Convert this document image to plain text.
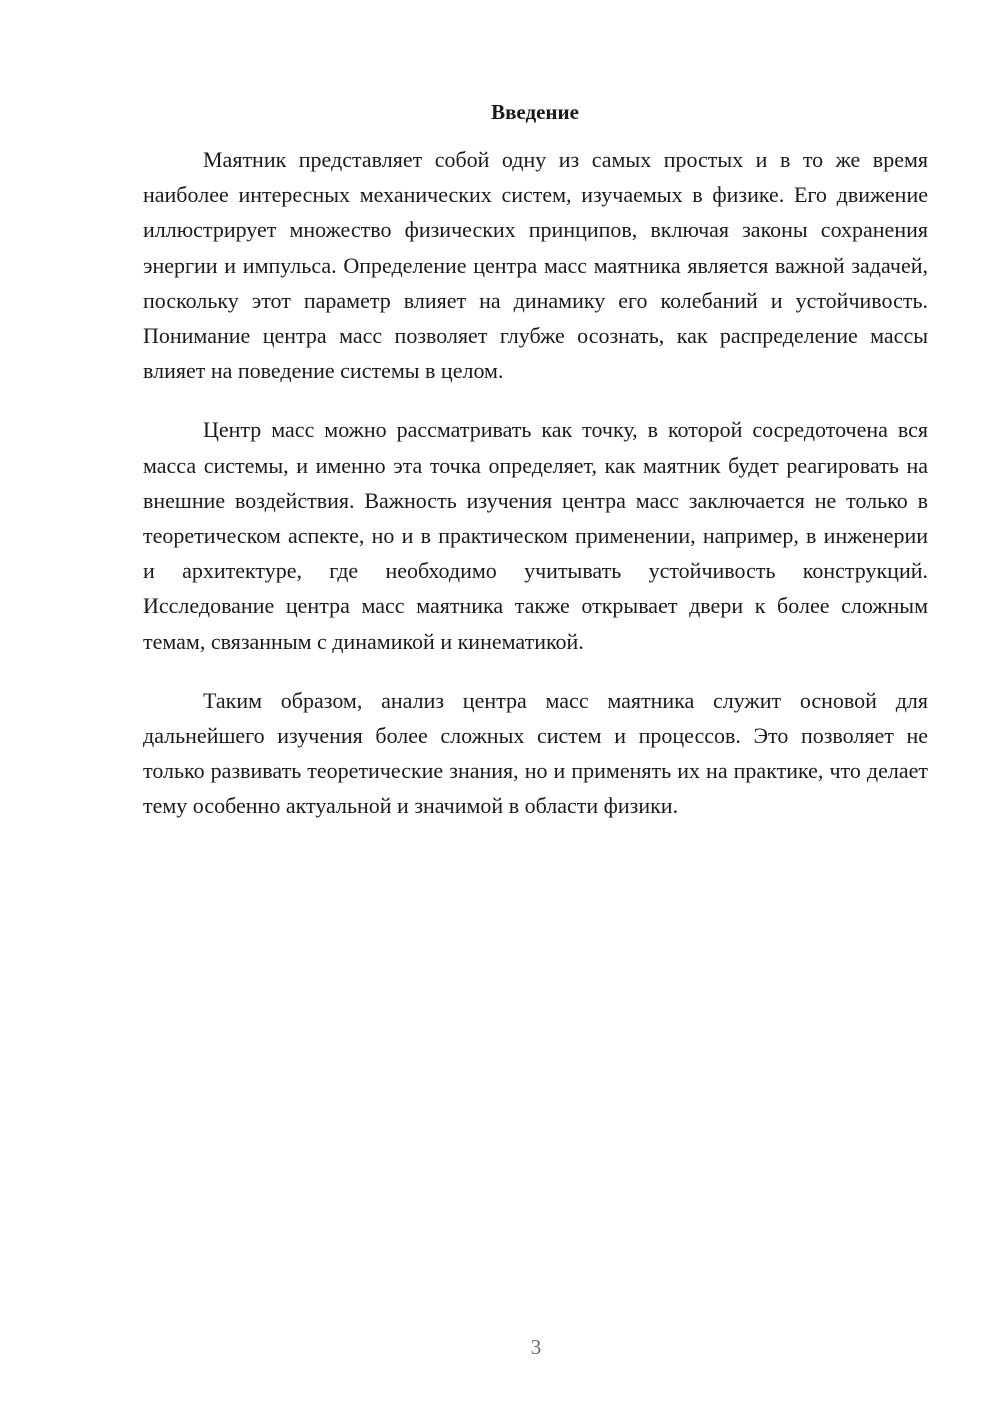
Введение

Маятник представляет собой одну из самых простых и в то же время наиболее интересных механических систем, изучаемых в физике. Его движение иллюстрирует множество физических принципов, включая законы сохранения энергии и импульса. Определение центра масс маятника является важной задачей, поскольку этот параметр влияет на динамику его колебаний и устойчивость. Понимание центра масс позволяет глубже осознать, как распределение массы влияет на поведение системы в целом.

Центр масс можно рассматривать как точку, в которой сосредоточена вся масса системы, и именно эта точка определяет, как маятник будет реагировать на внешние воздействия. Важность изучения центра масс заключается не только в теоретическом аспекте, но и в практическом применении, например, в инженерии и архитектуре, где необходимо учитывать устойчивость конструкций. Исследование центра масс маятника также открывает двери к более сложным темам, связанным с динамикой и кинематикой.

Таким образом, анализ центра масс маятника служит основой для дальнейшего изучения более сложных систем и процессов. Это позволяет не только развивать теоретические знания, но и применять их на практике, что делает тему особенно актуальной и значимой в области физики.

3
